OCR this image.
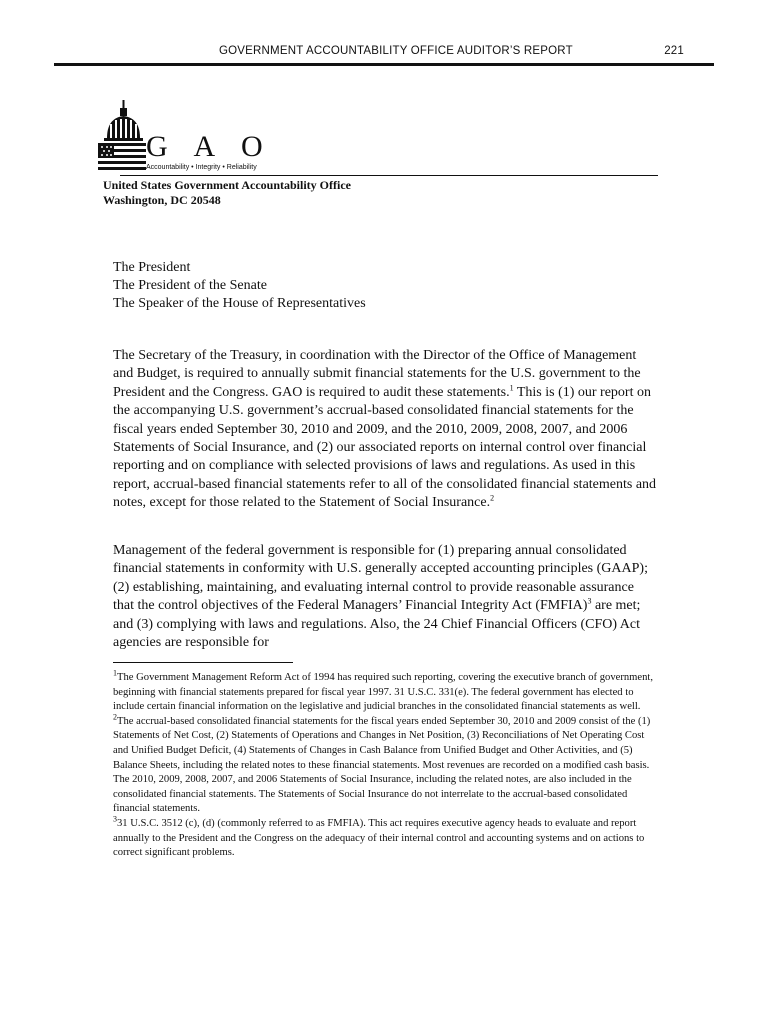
GOVERNMENT ACCOUNTABILITY OFFICE AUDITOR’S REPORT	221
G A O
Accountability • Integrity • Reliability
United States Government Accountability Office
Washington, DC 20548
The President
The President of the Senate
The Speaker of the House of Representatives
The Secretary of the Treasury, in coordination with the Director of the Office of Management and Budget, is required to annually submit financial statements for the U.S. government to the President and the Congress. GAO is required to audit these statements.$^1$ This is (1) our report on the accompanying U.S. government’s accrual-based consolidated financial statements for the fiscal years ended September 30, 2010 and 2009, and the 2010, 2009, 2008, 2007, and 2006 Statements of Social Insurance, and (2) our associated reports on internal control over financial reporting and on compliance with selected provisions of laws and regulations. As used in this report, accrual-based financial statements refer to all of the consolidated financial statements and notes, except for those related to the Statement of Social Insurance.$^2$
Management of the federal government is responsible for (1) preparing annual consolidated financial statements in conformity with U.S. generally accepted accounting principles (GAAP); (2) establishing, maintaining, and evaluating internal control to provide reasonable assurance that the control objectives of the Federal Managers’ Financial Integrity Act (FMFIA)$^3$ are met; and (3) complying with laws and regulations. Also, the 24 Chief Financial Officers (CFO) Act agencies are responsible for

$^1$The Government Management Reform Act of 1994 has required such reporting, covering the executive branch of government, beginning with financial statements prepared for fiscal year 1997. 31 U.S.C. 331(e). The federal government has elected to include certain financial information on the legislative and judicial branches in the consolidated financial statements as well.

$^2$The accrual-based consolidated financial statements for the fiscal years ended September 30, 2010 and 2009 consist of the (1) Statements of Net Cost, (2) Statements of Operations and Changes in Net Position, (3) Reconciliations of Net Operating Cost and Unified Budget Deficit, (4) Statements of Changes in Cash Balance from Unified Budget and Other Activities, and (5) Balance Sheets, including the related notes to these financial statements. Most revenues are recorded on a modified cash basis. The 2010, 2009, 2008, 2007, and 2006 Statements of Social Insurance, including the related notes, are also included in the consolidated financial statements. The Statements of Social Insurance do not interrelate to the accrual-based consolidated financial statements.

$^3$31 U.S.C. 3512 (c), (d) (commonly referred to as FMFIA). This act requires executive agency heads to evaluate and report annually to the President and the Congress on the adequacy of their internal control and accounting systems and on actions to correct significant problems.
